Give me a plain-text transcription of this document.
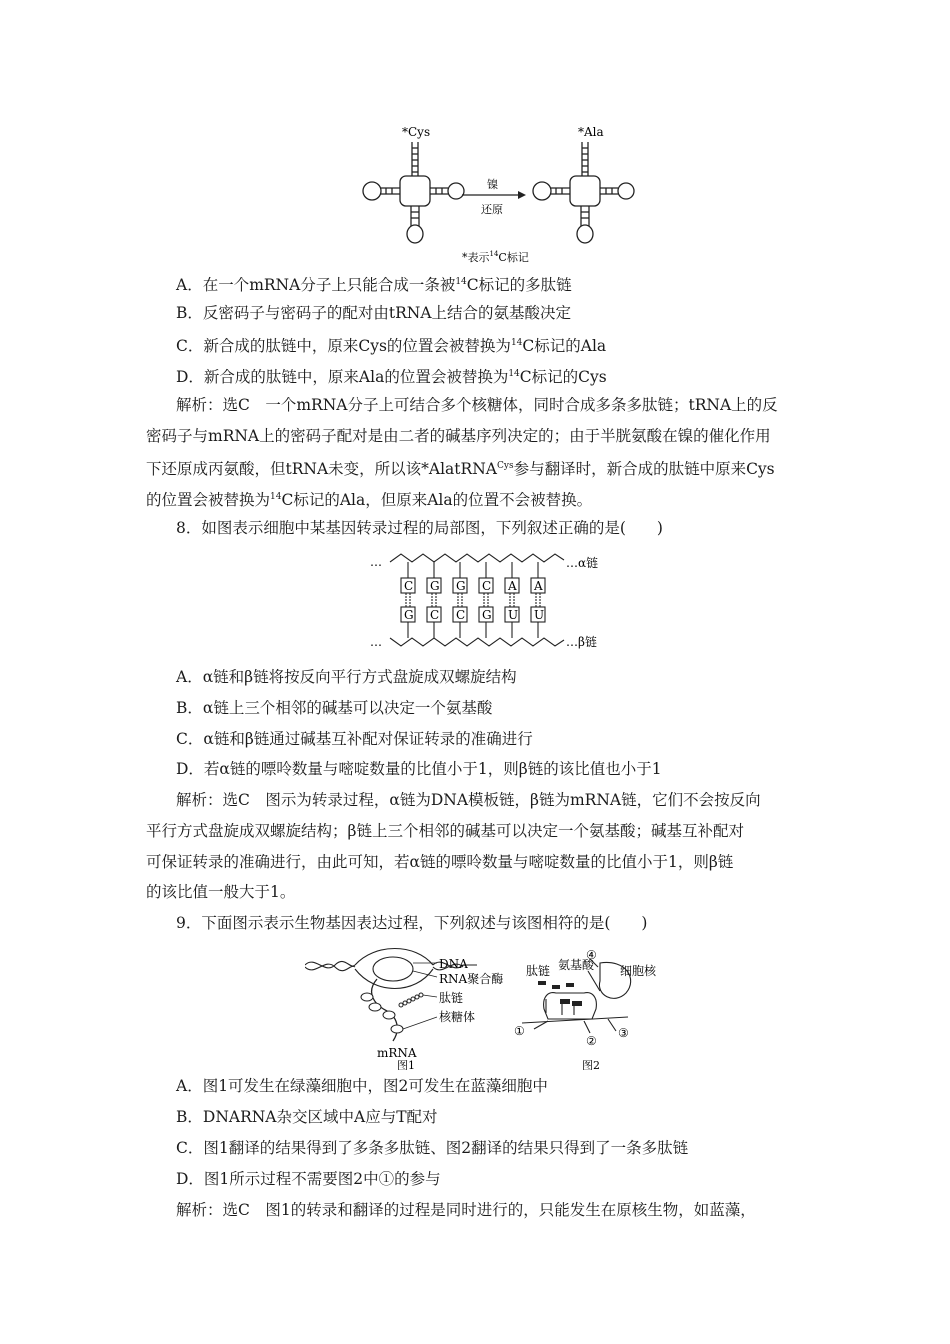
*Cys	*Ala
镍
还原
*表示$^{14}$C标记
A．在一个mRNA分子上只能合成一条被$^{14}$C标记的多肽链
B．反密码子与密码子的配对由tRNA上结合的氨基酸决定
C．新合成的肽链中，原来Cys的位置会被替换为$^{14}$C标记的Ala
D．新合成的肽链中，原来Ala的位置会被替换为$^{14}$C标记的Cys
解析：选C　一个mRNA分子上可结合多个核糖体，同时合成多条多肽链；tRNA上的反
密码子与mRNA上的密码子配对是由二者的碱基序列决定的；由于半胱氨酸在镍的催化作用
下还原成丙氨酸，但tRNA未变，所以该*AlatRNA$^{Cys}$参与翻译时，新合成的肽链中原来Cys
的位置会被替换为$^{14}$C标记的Ala，但原来Ala的位置不会被替换。
8．如图表示细胞中某基因转录过程的局部图，下列叙述正确的是(　　)
…	…α链
…	…β链
C G G C A A
G C C G U U
A．α链和β链将按反向平行方式盘旋成双螺旋结构
B．α链上三个相邻的碱基可以决定一个氨基酸
C．α链和β链通过碱基互补配对保证转录的准确进行
D．若α链的嘌呤数量与嘧啶数量的比值小于1，则β链的该比值也小于1
解析：选C　图示为转录过程，α链为DNA模板链，β链为mRNA链，它们不会按反向
平行方式盘旋成双螺旋结构；β链上三个相邻的碱基可以决定一个氨基酸；碱基互补配对
可保证转录的准确进行，由此可知，若α链的嘌呤数量与嘧啶数量的比值小于1，则β链
的该比值一般大于1。
9．下面图示表示生物基因表达过程，下列叙述与该图相符的是(　　)
DNA
RNA聚合酶
肽链
核糖体
mRNA
图1
④
肽链 氨基酸 细胞核
①
②
③
图2
A．图1可发生在绿藻细胞中，图2可发生在蓝藻细胞中
B．DNARNA杂交区域中A应与T配对
C．图1翻译的结果得到了多条多肽链、图2翻译的结果只得到了一条多肽链
D．图1所示过程不需要图2中①的参与
解析：选C　图1的转录和翻译的过程是同时进行的，只能发生在原核生物，如蓝藻，
